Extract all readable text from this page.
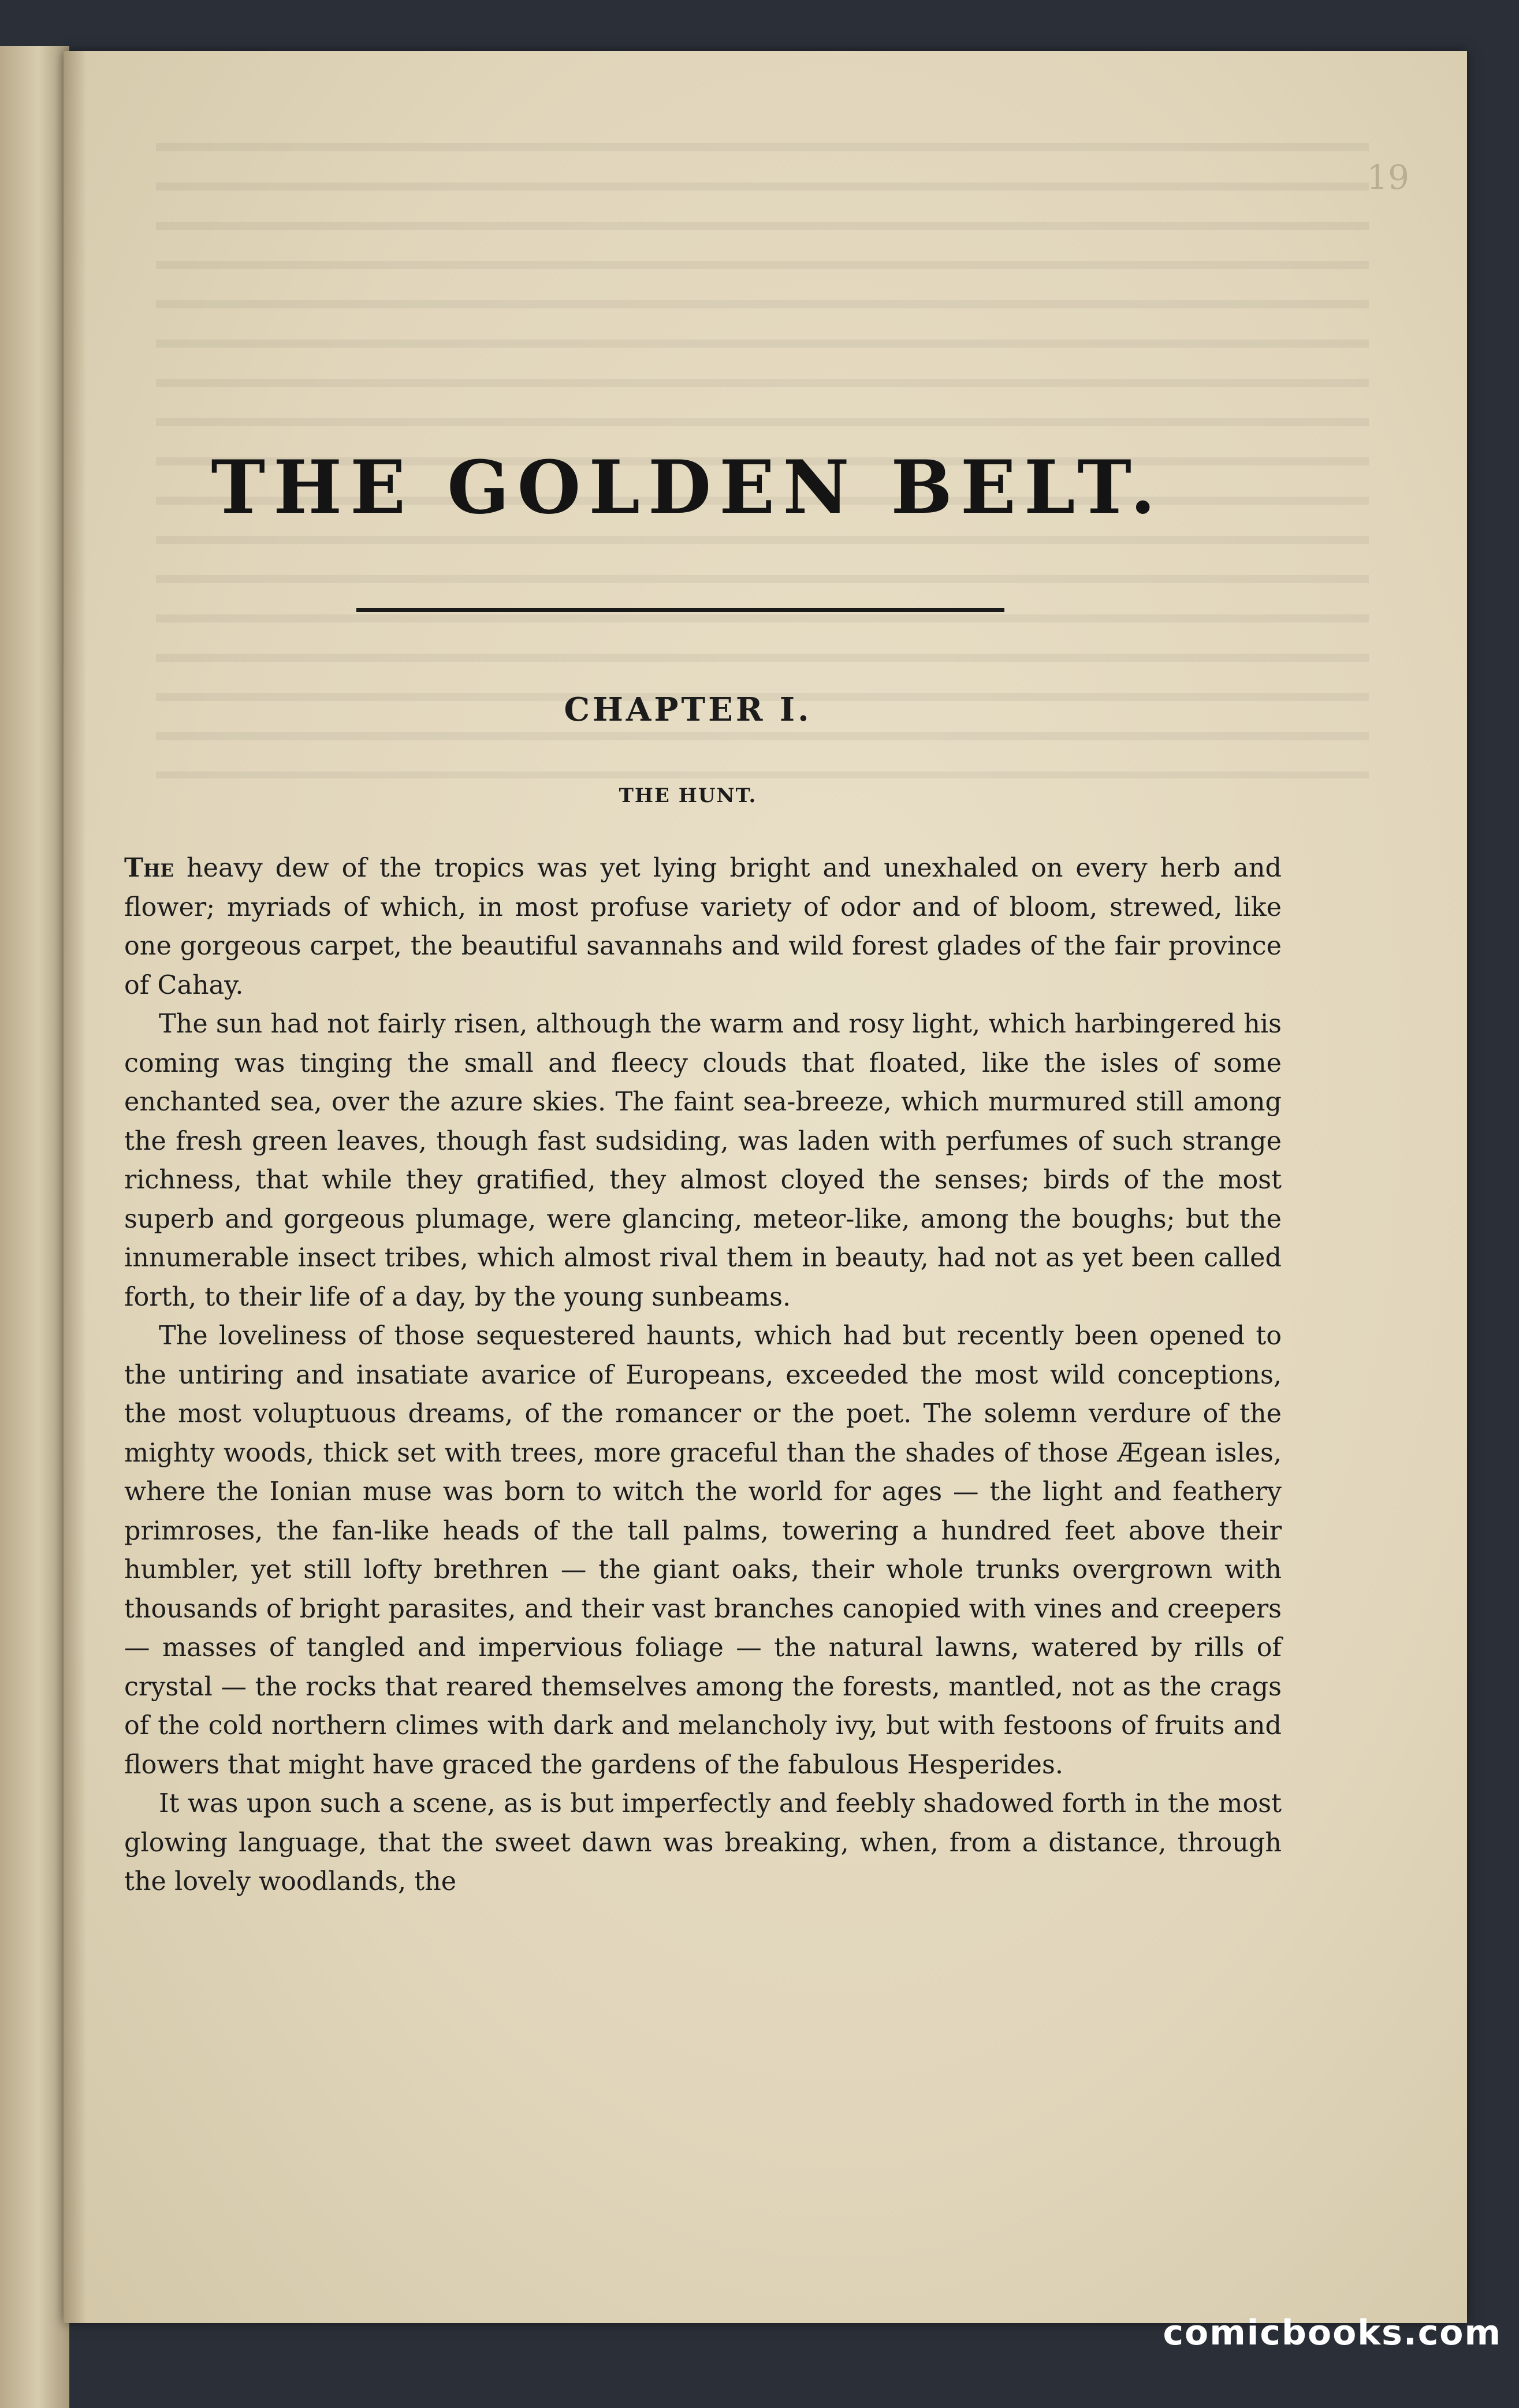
19
THE GOLDEN BELT.
CHAPTER I.
THE HUNT.

The heavy dew of the tropics was yet lying bright and unexhaled on every herb and flower; myriads of which, in most profuse variety of odor and of bloom, strewed, like one gorgeous carpet, the beautiful savannahs and wild forest glades of the fair province of Cahay.

The sun had not fairly risen, although the warm and rosy light, which harbingered his coming was tinging the small and fleecy clouds that floated, like the isles of some enchanted sea, over the azure skies. The faint sea-breeze, which murmured still among the fresh green leaves, though fast sudsiding, was laden with perfumes of such strange richness, that while they gratified, they almost cloyed the senses; birds of the most superb and gorgeous plumage, were glancing, meteor-like, among the boughs; but the innumerable insect tribes, which almost rival them in beauty, had not as yet been called forth, to their life of a day, by the young sunbeams.

The loveliness of those sequestered haunts, which had but recently been opened to the untiring and insatiate avarice of Europeans, exceeded the most wild conceptions, the most voluptuous dreams, of the romancer or the poet. The solemn verdure of the mighty woods, thick set with trees, more graceful than the shades of those Ægean isles, where the Ionian muse was born to witch the world for ages — the light and feathery primroses, the fan-like heads of the tall palms, towering a hundred feet above their humbler, yet still lofty brethren — the giant oaks, their whole trunks overgrown with thousands of bright parasites, and their vast branches canopied with vines and creepers — masses of tangled and impervious foliage — the natural lawns, watered by rills of crystal — the rocks that reared themselves among the forests, mantled, not as the crags of the cold northern climes with dark and melancholy ivy, but with festoons of fruits and flowers that might have graced the gardens of the fabulous Hesperides.

It was upon such a scene, as is but imperfectly and feebly shadowed forth in the most glowing language, that the sweet dawn was breaking, when, from a distance, through the lovely woodlands, the

comicbooks.com
